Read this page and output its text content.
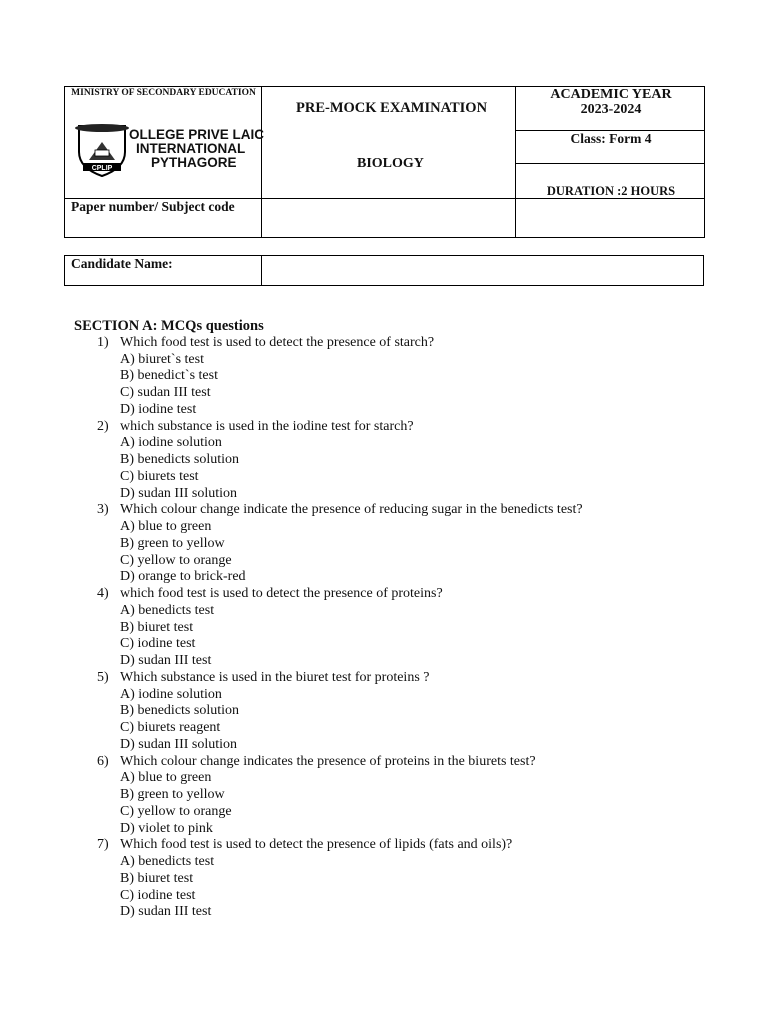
MINISTRY OF SECONDARY EDUCATION
CPLIP
OLLEGE PRIVE LAIC
INTERNATIONAL
PYTHAGORE
PRE-MOCK EXAMINATION
BIOLOGY
ACADEMIC YEAR
2023-2024
Class: Form 4
DURATION :2 HOURS
Paper number/ Subject code
Candidate Name:
SECTION A: MCQs questions
1) Which food test is used to detect the presence of starch?
A) biuret`s test
B) benedict`s test
C) sudan III test
D) iodine test
2) which substance is used in the iodine test for starch?
A) iodine solution
B) benedicts solution
C) biurets test
D) sudan III solution
3) Which colour change indicate the presence of reducing sugar in the benedicts test?
A) blue to green
B) green to yellow
C) yellow to orange
D) orange to brick-red
4) which food test is used to detect the presence of proteins?
A) benedicts test
B) biuret test
C) iodine test
D) sudan III test
5) Which substance is used in the biuret test for proteins ?
A) iodine solution
B) benedicts solution
C) biurets reagent
D) sudan III solution
6) Which colour change indicates the presence of proteins in the biurets test?
A) blue to green
B) green to yellow
C) yellow to orange
D) violet to pink
7) Which food test is used to detect the presence of lipids (fats and oils)?
A) benedicts test
B) biuret test
C) iodine test
D) sudan III test
